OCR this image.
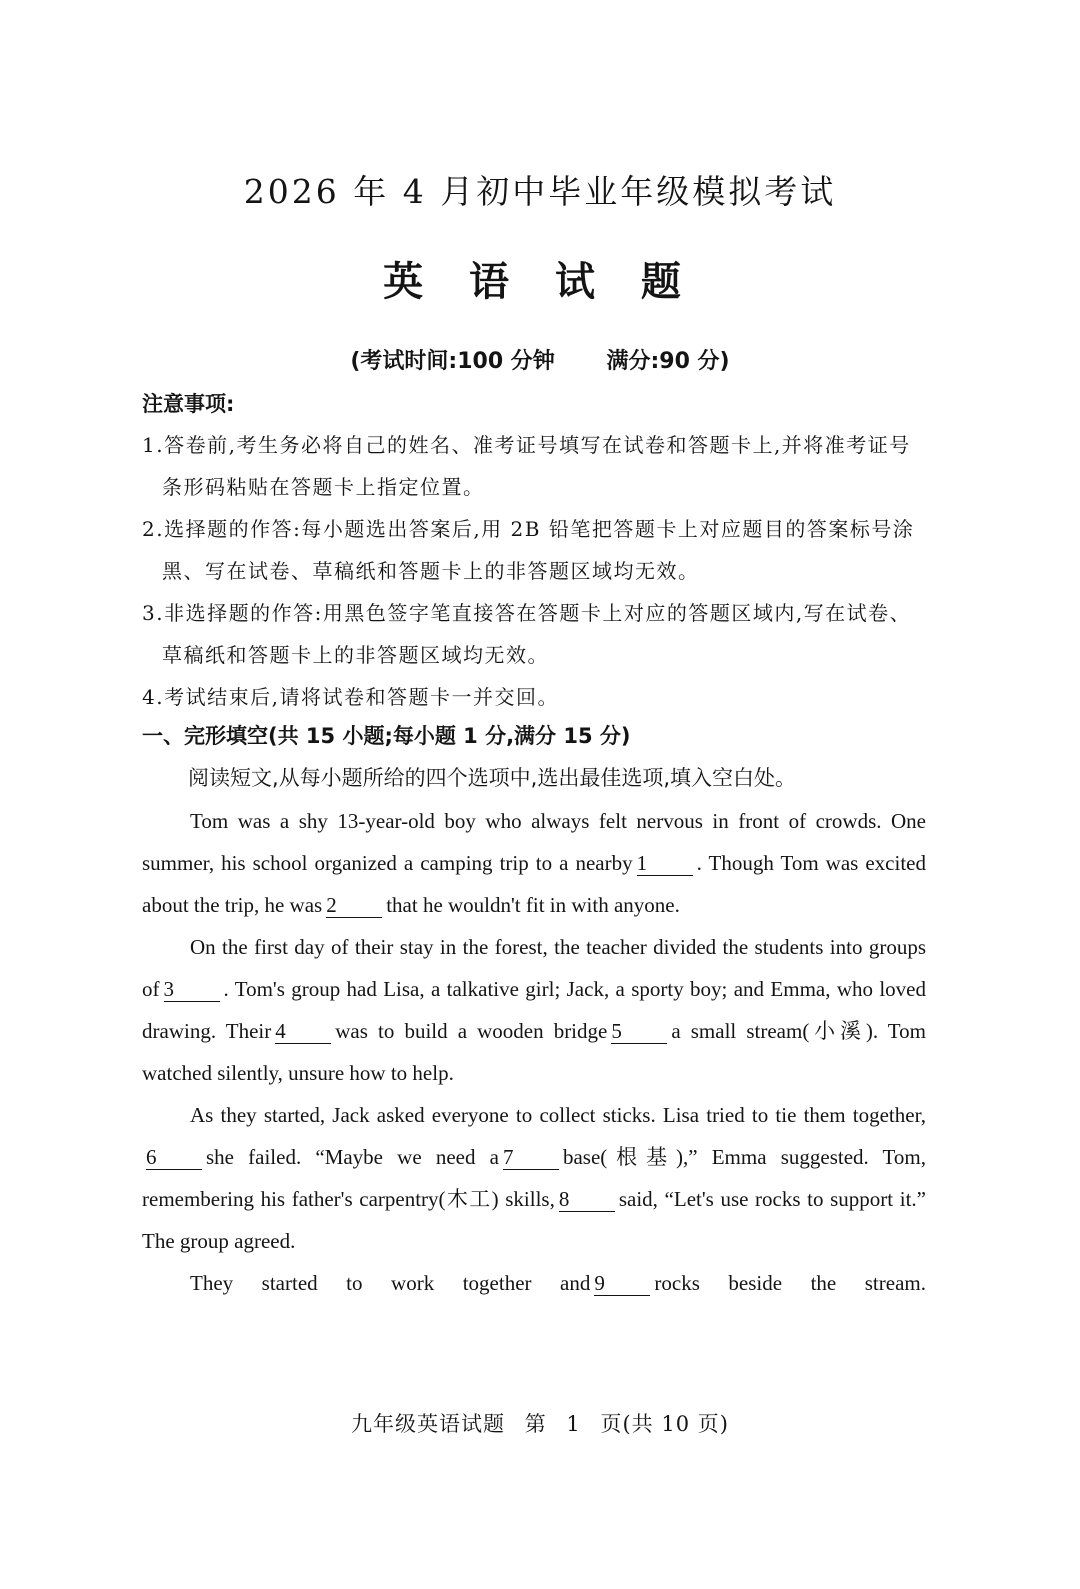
2026 年 4 月初中毕业年级模拟考试
英 语 试 题
(考试时间:100 分钟 满分:90 分)
注意事项:

1.答卷前,考生务必将自己的姓名、准考证号填写在试卷和答题卡上,并将准考证号条形码粘贴在答题卡上指定位置。

2.选择题的作答:每小题选出答案后,用 2B 铅笔把答题卡上对应题目的答案标号涂黑、写在试卷、草稿纸和答题卡上的非答题区域均无效。

3.非选择题的作答:用黑色签字笔直接答在答题卡上对应的答题区域内,写在试卷、草稿纸和答题卡上的非答题区域均无效。

4.考试结束后,请将试卷和答题卡一并交回。

一、完形填空(共 15 小题;每小题 1 分,满分 15 分)
阅读短文,从每小题所给的四个选项中,选出最佳选项,填入空白处。

Tom was a shy 13-year-old boy who always felt nervous in front of crowds. One summer, his school organized a camping trip to a nearby 1 . Though Tom was excited about the trip, he was 2 that he wouldn't fit in with anyone.

On the first day of their stay in the forest, the teacher divided the students into groups of 3 . Tom's group had Lisa, a talkative girl; Jack, a sporty boy; and Emma, who loved drawing. Their 4 was to build a wooden bridge 5 a small stream(小溪). Tom watched silently, unsure how to help.

As they started, Jack asked everyone to collect sticks. Lisa tried to tie them together,6 she failed. “Maybe we need a 7 base(根基),” Emma suggested. Tom, remembering his father's carpentry(木工) skills, 8 said, “Let's use rocks to support it.” The group agreed.

They started to work together and 9 rocks beside the stream.

九年级英语试题 第 1 页(共 10 页)
